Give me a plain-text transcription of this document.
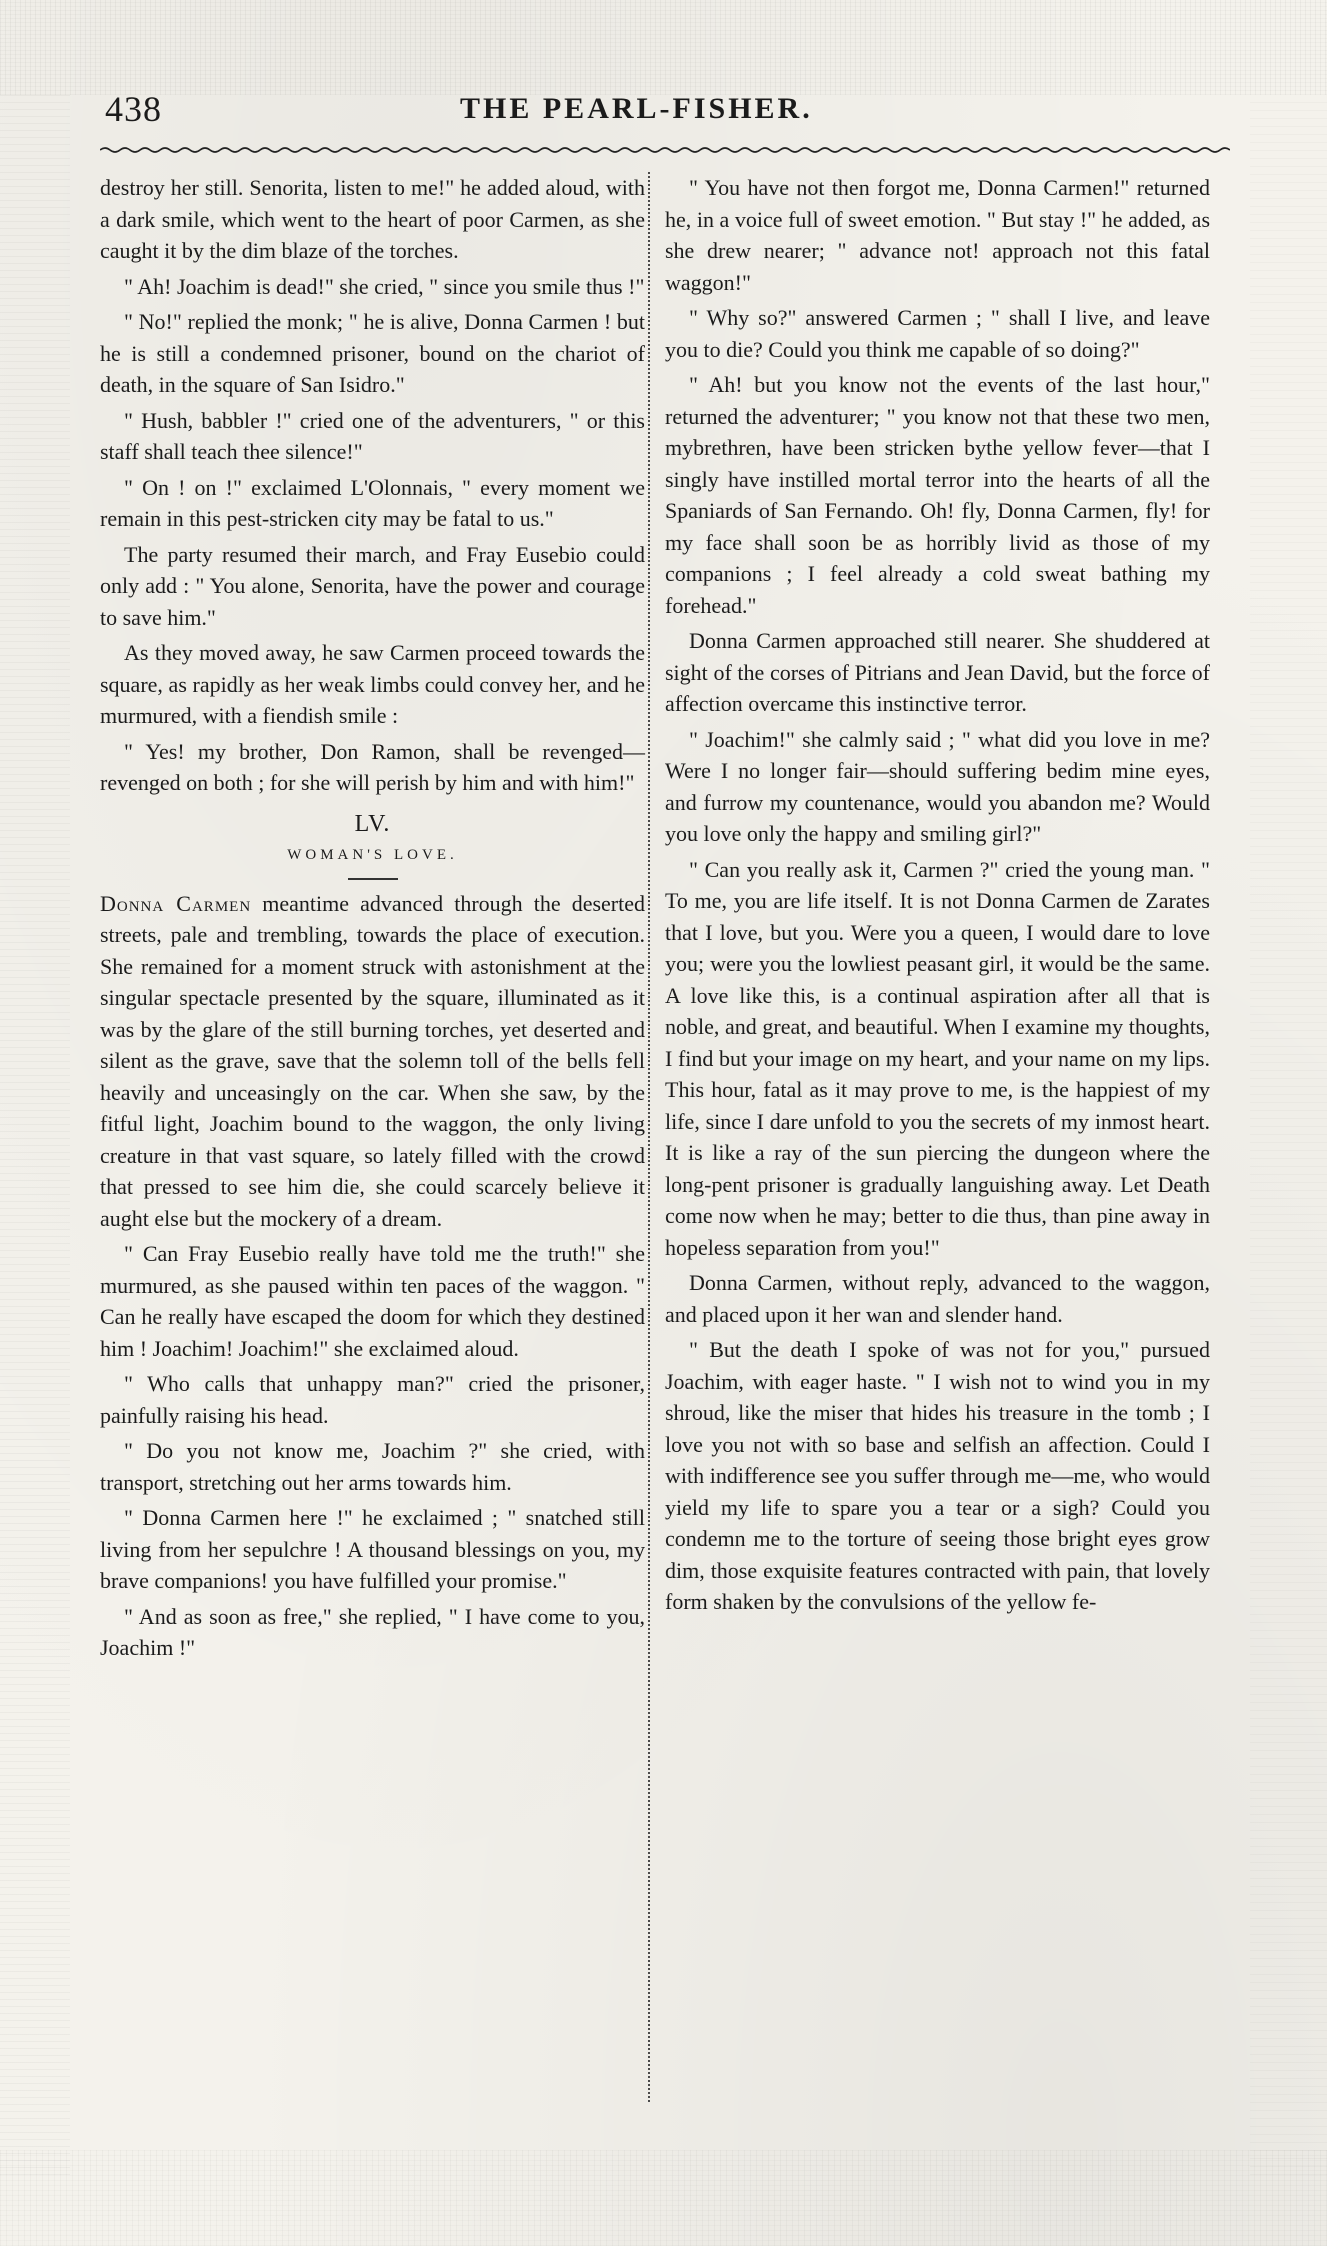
438	THE PEARL-FISHER.

destroy her still. Senorita, listen to me!" he added aloud, with a dark smile, which went to the heart of poor Carmen, as she caught it by the dim blaze of the torches.

" Ah! Joachim is dead!" she cried, " since you smile thus !"

" No!" replied the monk; " he is alive, Donna Carmen ! but he is still a condemned prisoner, bound on the chariot of death, in the square of San Isidro."

" Hush, babbler !" cried one of the adventurers, " or this staff shall teach thee silence!"

" On ! on !" exclaimed L'Olonnais, " every moment we remain in this pest-stricken city may be fatal to us."

The party resumed their march, and Fray Eusebio could only add : " You alone, Senorita, have the power and courage to save him."

As they moved away, he saw Carmen proceed towards the square, as rapidly as her weak limbs could convey her, and he murmured, with a fiendish smile :

" Yes! my brother, Don Ramon, shall be revenged—revenged on both ; for she will perish by him and with him!"

LV.
WOMAN'S LOVE.

Donna Carmen meantime advanced through the deserted streets, pale and trembling, towards the place of execution. She remained for a moment struck with astonishment at the singular spectacle presented by the square, illuminated as it was by the glare of the still burning torches, yet deserted and silent as the grave, save that the solemn toll of the bells fell heavily and unceasingly on the car. When she saw, by the fitful light, Joachim bound to the waggon, the only living creature in that vast square, so lately filled with the crowd that pressed to see him die, she could scarcely believe it aught else but the mockery of a dream.

" Can Fray Eusebio really have told me the truth!" she murmured, as she paused within ten paces of the waggon. " Can he really have escaped the doom for which they destined him ! Joachim! Joachim!" she exclaimed aloud.

" Who calls that unhappy man?" cried the prisoner, painfully raising his head.

" Do you not know me, Joachim ?" she cried, with transport, stretching out her arms towards him.

" Donna Carmen here !" he exclaimed ; " snatched still living from her sepulchre ! A thousand blessings on you, my brave companions! you have fulfilled your promise."

" And as soon as free," she replied, " I have come to you, Joachim !"

" You have not then forgot me, Donna Carmen!" returned he, in a voice full of sweet emotion. " But stay !" he added, as she drew nearer; " advance not! approach not this fatal waggon!"

" Why so?" answered Carmen ; " shall I live, and leave you to die? Could you think me capable of so doing?"

" Ah! but you know not the events of the last hour," returned the adventurer; " you know not that these two men, mybrethren, have been stricken bythe yellow fever—that I singly have instilled mortal terror into the hearts of all the Spaniards of San Fernando. Oh! fly, Donna Carmen, fly! for my face shall soon be as horribly livid as those of my companions ; I feel already a cold sweat bathing my forehead."

Donna Carmen approached still nearer. She shuddered at sight of the corses of Pitrians and Jean David, but the force of affection overcame this instinctive terror.

" Joachim!" she calmly said ; " what did you love in me? Were I no longer fair—should suffering bedim mine eyes, and furrow my countenance, would you abandon me? Would you love only the happy and smiling girl?"

" Can you really ask it, Carmen ?" cried the young man. " To me, you are life itself. It is not Donna Carmen de Zarates that I love, but you. Were you a queen, I would dare to love you; were you the lowliest peasant girl, it would be the same. A love like this, is a continual aspiration after all that is noble, and great, and beautiful. When I examine my thoughts, I find but your image on my heart, and your name on my lips. This hour, fatal as it may prove to me, is the happiest of my life, since I dare unfold to you the secrets of my inmost heart. It is like a ray of the sun piercing the dungeon where the long-pent prisoner is gradually languishing away. Let Death come now when he may; better to die thus, than pine away in hopeless separation from you!"

Donna Carmen, without reply, advanced to the waggon, and placed upon it her wan and slender hand.

" But the death I spoke of was not for you," pursued Joachim, with eager haste. " I wish not to wind you in my shroud, like the miser that hides his treasure in the tomb ; I love you not with so base and selfish an affection. Could I with indifference see you suffer through me—me, who would yield my life to spare you a tear or a sigh? Could you condemn me to the torture of seeing those bright eyes grow dim, those exquisite features contracted with pain, that lovely form shaken by the convulsions of the yellow fe-
